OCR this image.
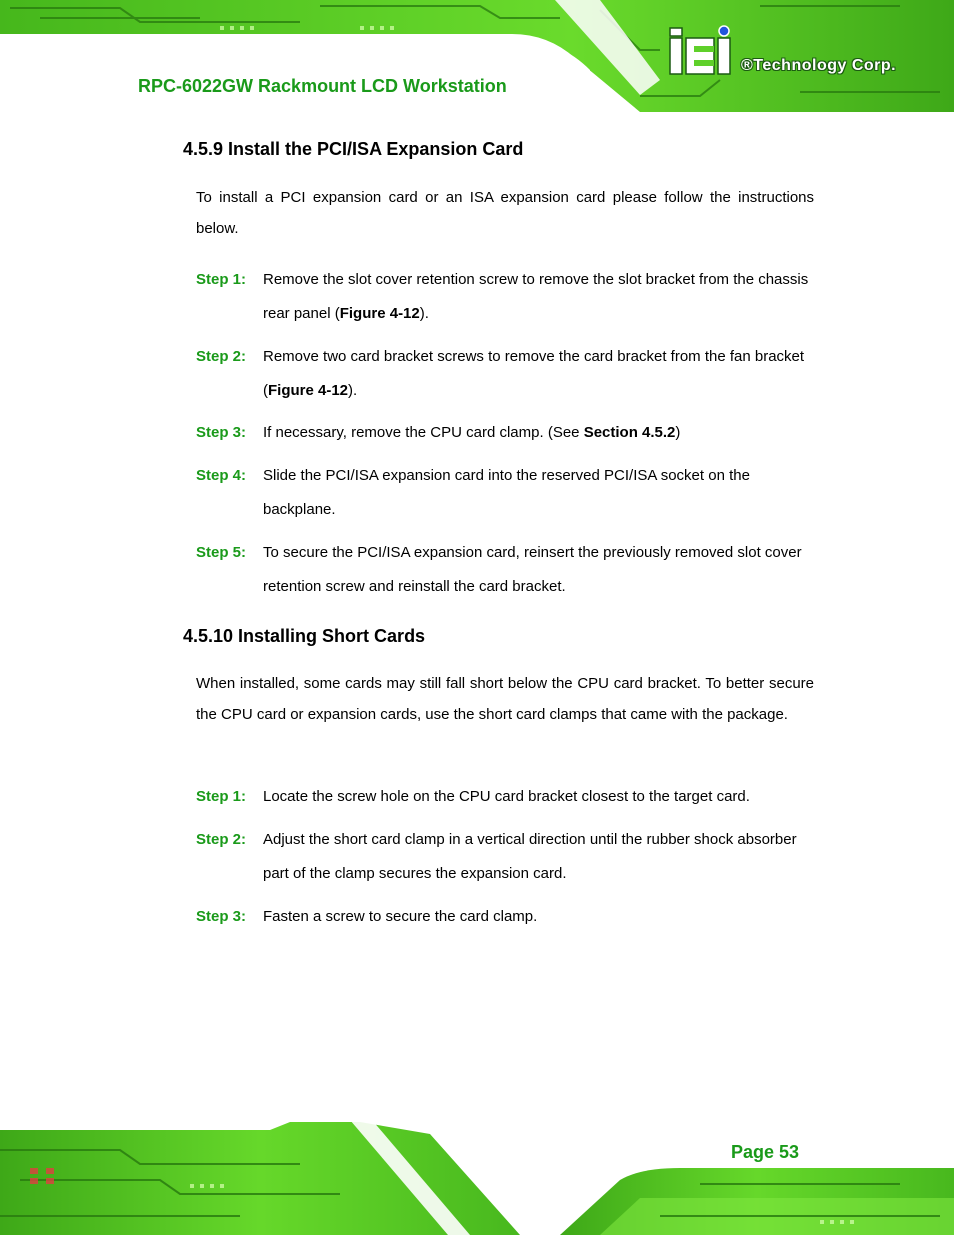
RPC-6022GW Rackmount LCD Workstation
®Technology Corp.
4.5.9 Install the PCI/ISA Expansion Card

To install a PCI expansion card or an ISA expansion card please follow the instructions below.

Step 1: Remove the slot cover retention screw to remove the slot bracket from the chassis rear panel (Figure 4-12).

Step 2: Remove two card bracket screws to remove the card bracket from the fan bracket (Figure 4-12).

Step 3: If necessary, remove the CPU card clamp. (See Section 4.5.2)

Step 4: Slide the PCI/ISA expansion card into the reserved PCI/ISA socket on the backplane.

Step 5: To secure the PCI/ISA expansion card, reinsert the previously removed slot cover retention screw and reinstall the card bracket.

4.5.10 Installing Short Cards

When installed, some cards may still fall short below the CPU card bracket. To better secure the CPU card or expansion cards, use the short card clamps that came with the package.

Step 1: Locate the screw hole on the CPU card bracket closest to the target card.

Step 2: Adjust the short card clamp in a vertical direction until the rubber shock absorber part of the clamp secures the expansion card.

Step 3: Fasten a screw to secure the card clamp.

Page 53
